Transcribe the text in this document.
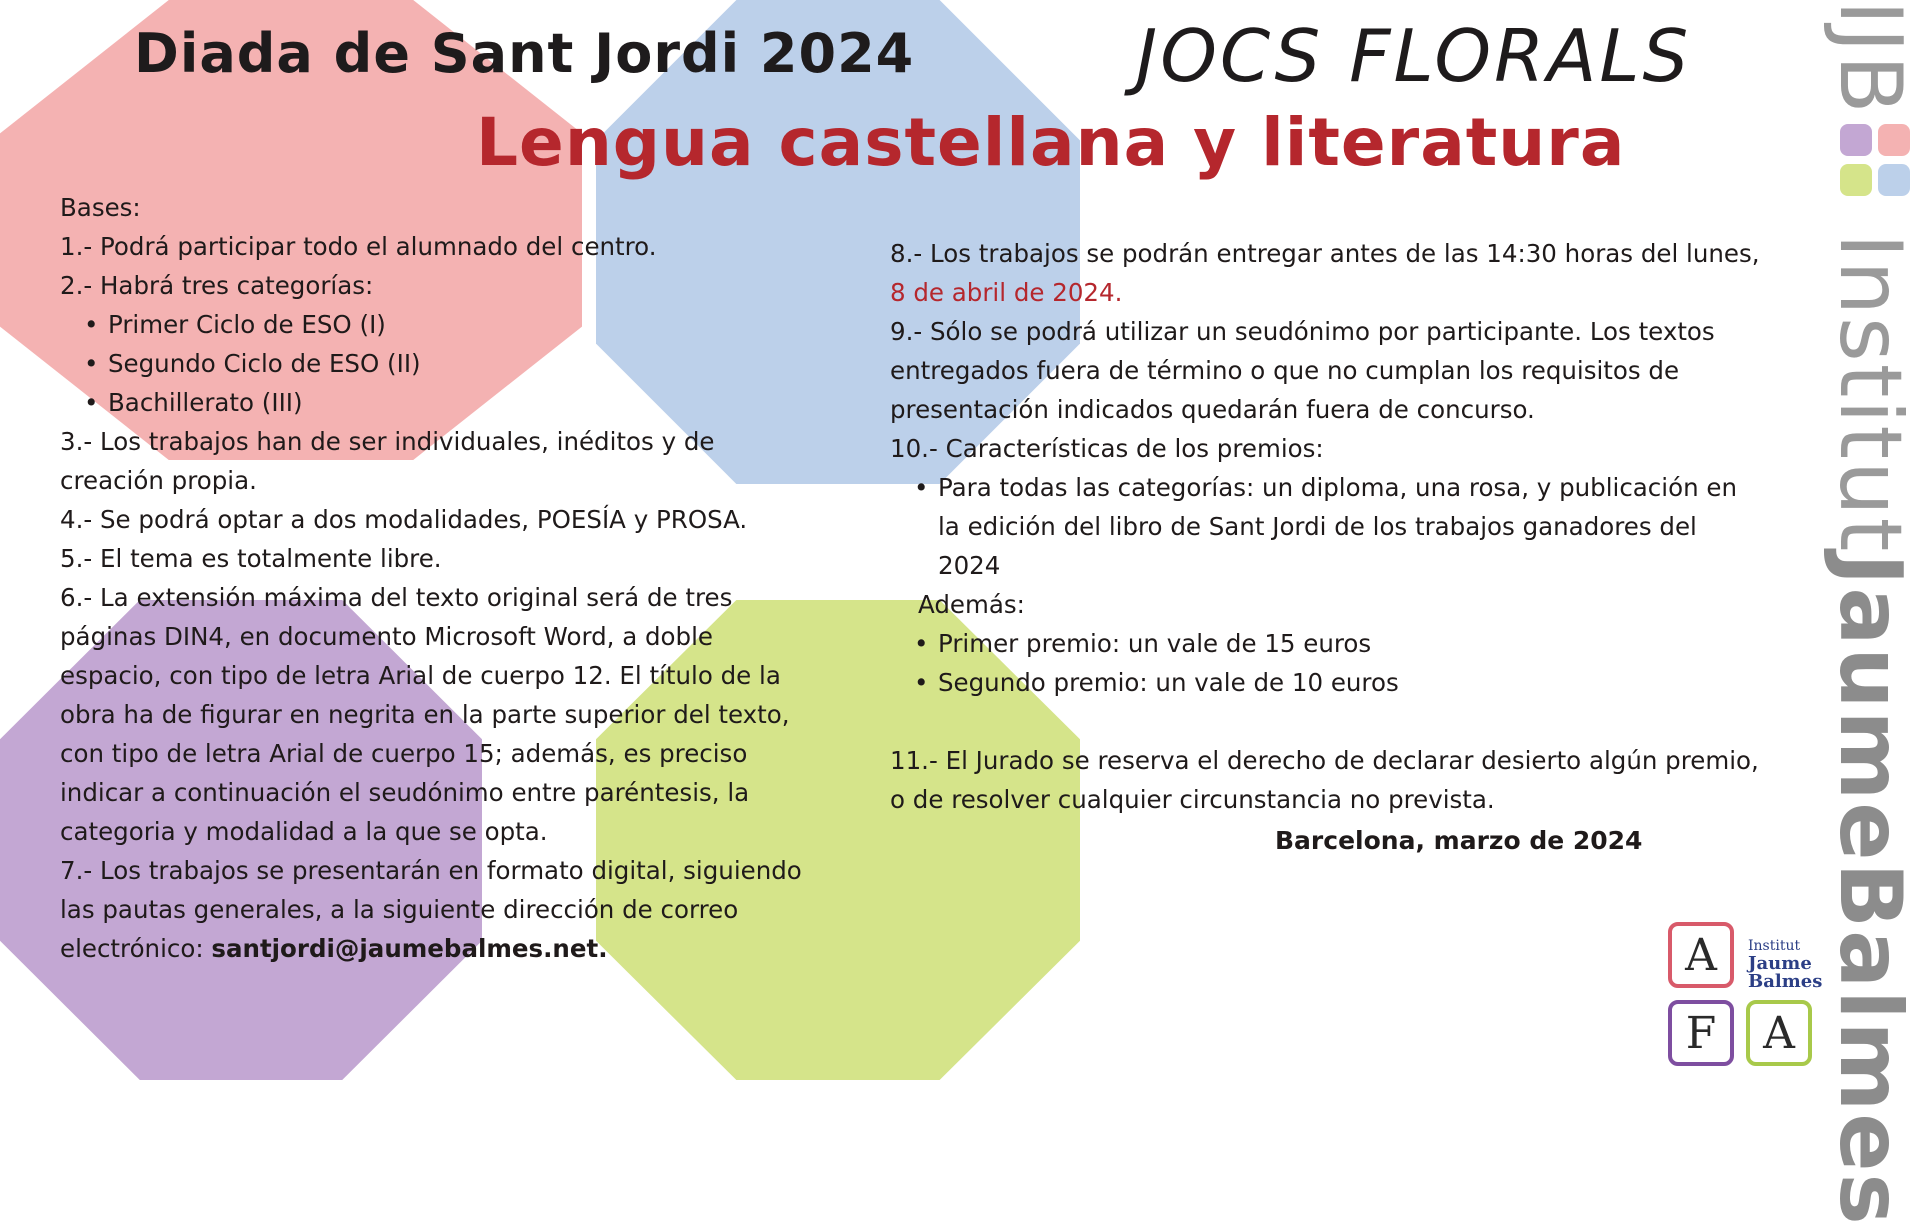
Diada de Sant Jordi 2024	JOCS FLORALS
Lengua castellana y literatura

Bases:

1.- Podrá participar todo el alumnado del centro.

2.- Habrá tres categorías:

• Primer Ciclo de ESO (I)
• Segundo Ciclo de ESO (II)
• Bachillerato (III)

3.- Los trabajos han de ser individuales, inéditos y de

creación propia.

4.- Se podrá optar a dos modalidades, POESÍA y PROSA.

5.- El tema es totalmente libre.

6.- La extensión máxima del texto original será de tres

páginas DIN4, en documento Microsoft Word, a doble

espacio, con tipo de letra Arial de cuerpo 12. El título de la

obra ha de figurar en negrita en la parte superior del texto,

con tipo de letra Arial de cuerpo 15; además, es preciso

indicar a continuación el seudónimo entre paréntesis, la

categoria y modalidad a la que se opta.

7.- Los trabajos se presentarán en formato digital, siguiendo

las pautas generales, a la siguiente dirección de correo

electrónico: santjordi@jaumebalmes.net.

8.- Los trabajos se podrán entregar antes de las 14:30 horas del lunes,

8 de abril de 2024.

9.- Sólo se podrá utilizar un seudónimo por participante. Los textos

entregados fuera de término o que no cumplan los requisitos de

presentación indicados quedarán fuera de concurso.

10.- Características de los premios:

• Para todas las categorías: un diploma, una rosa, y publicación en
la edición del libro de Sant Jordi de los trabajos ganadores del
2024

Además:

• Primer premio: un vale de 15 euros
• Segundo premio: un vale de 10 euros

11.- El Jurado se reserva el derecho de declarar desierto algún premio,

o de resolver cualquier circunstancia no prevista.

Barcelona, marzo de 2024
IJB    InstitutJaumeBalmes
A	Institut
Jaume
Balmes
F	A
